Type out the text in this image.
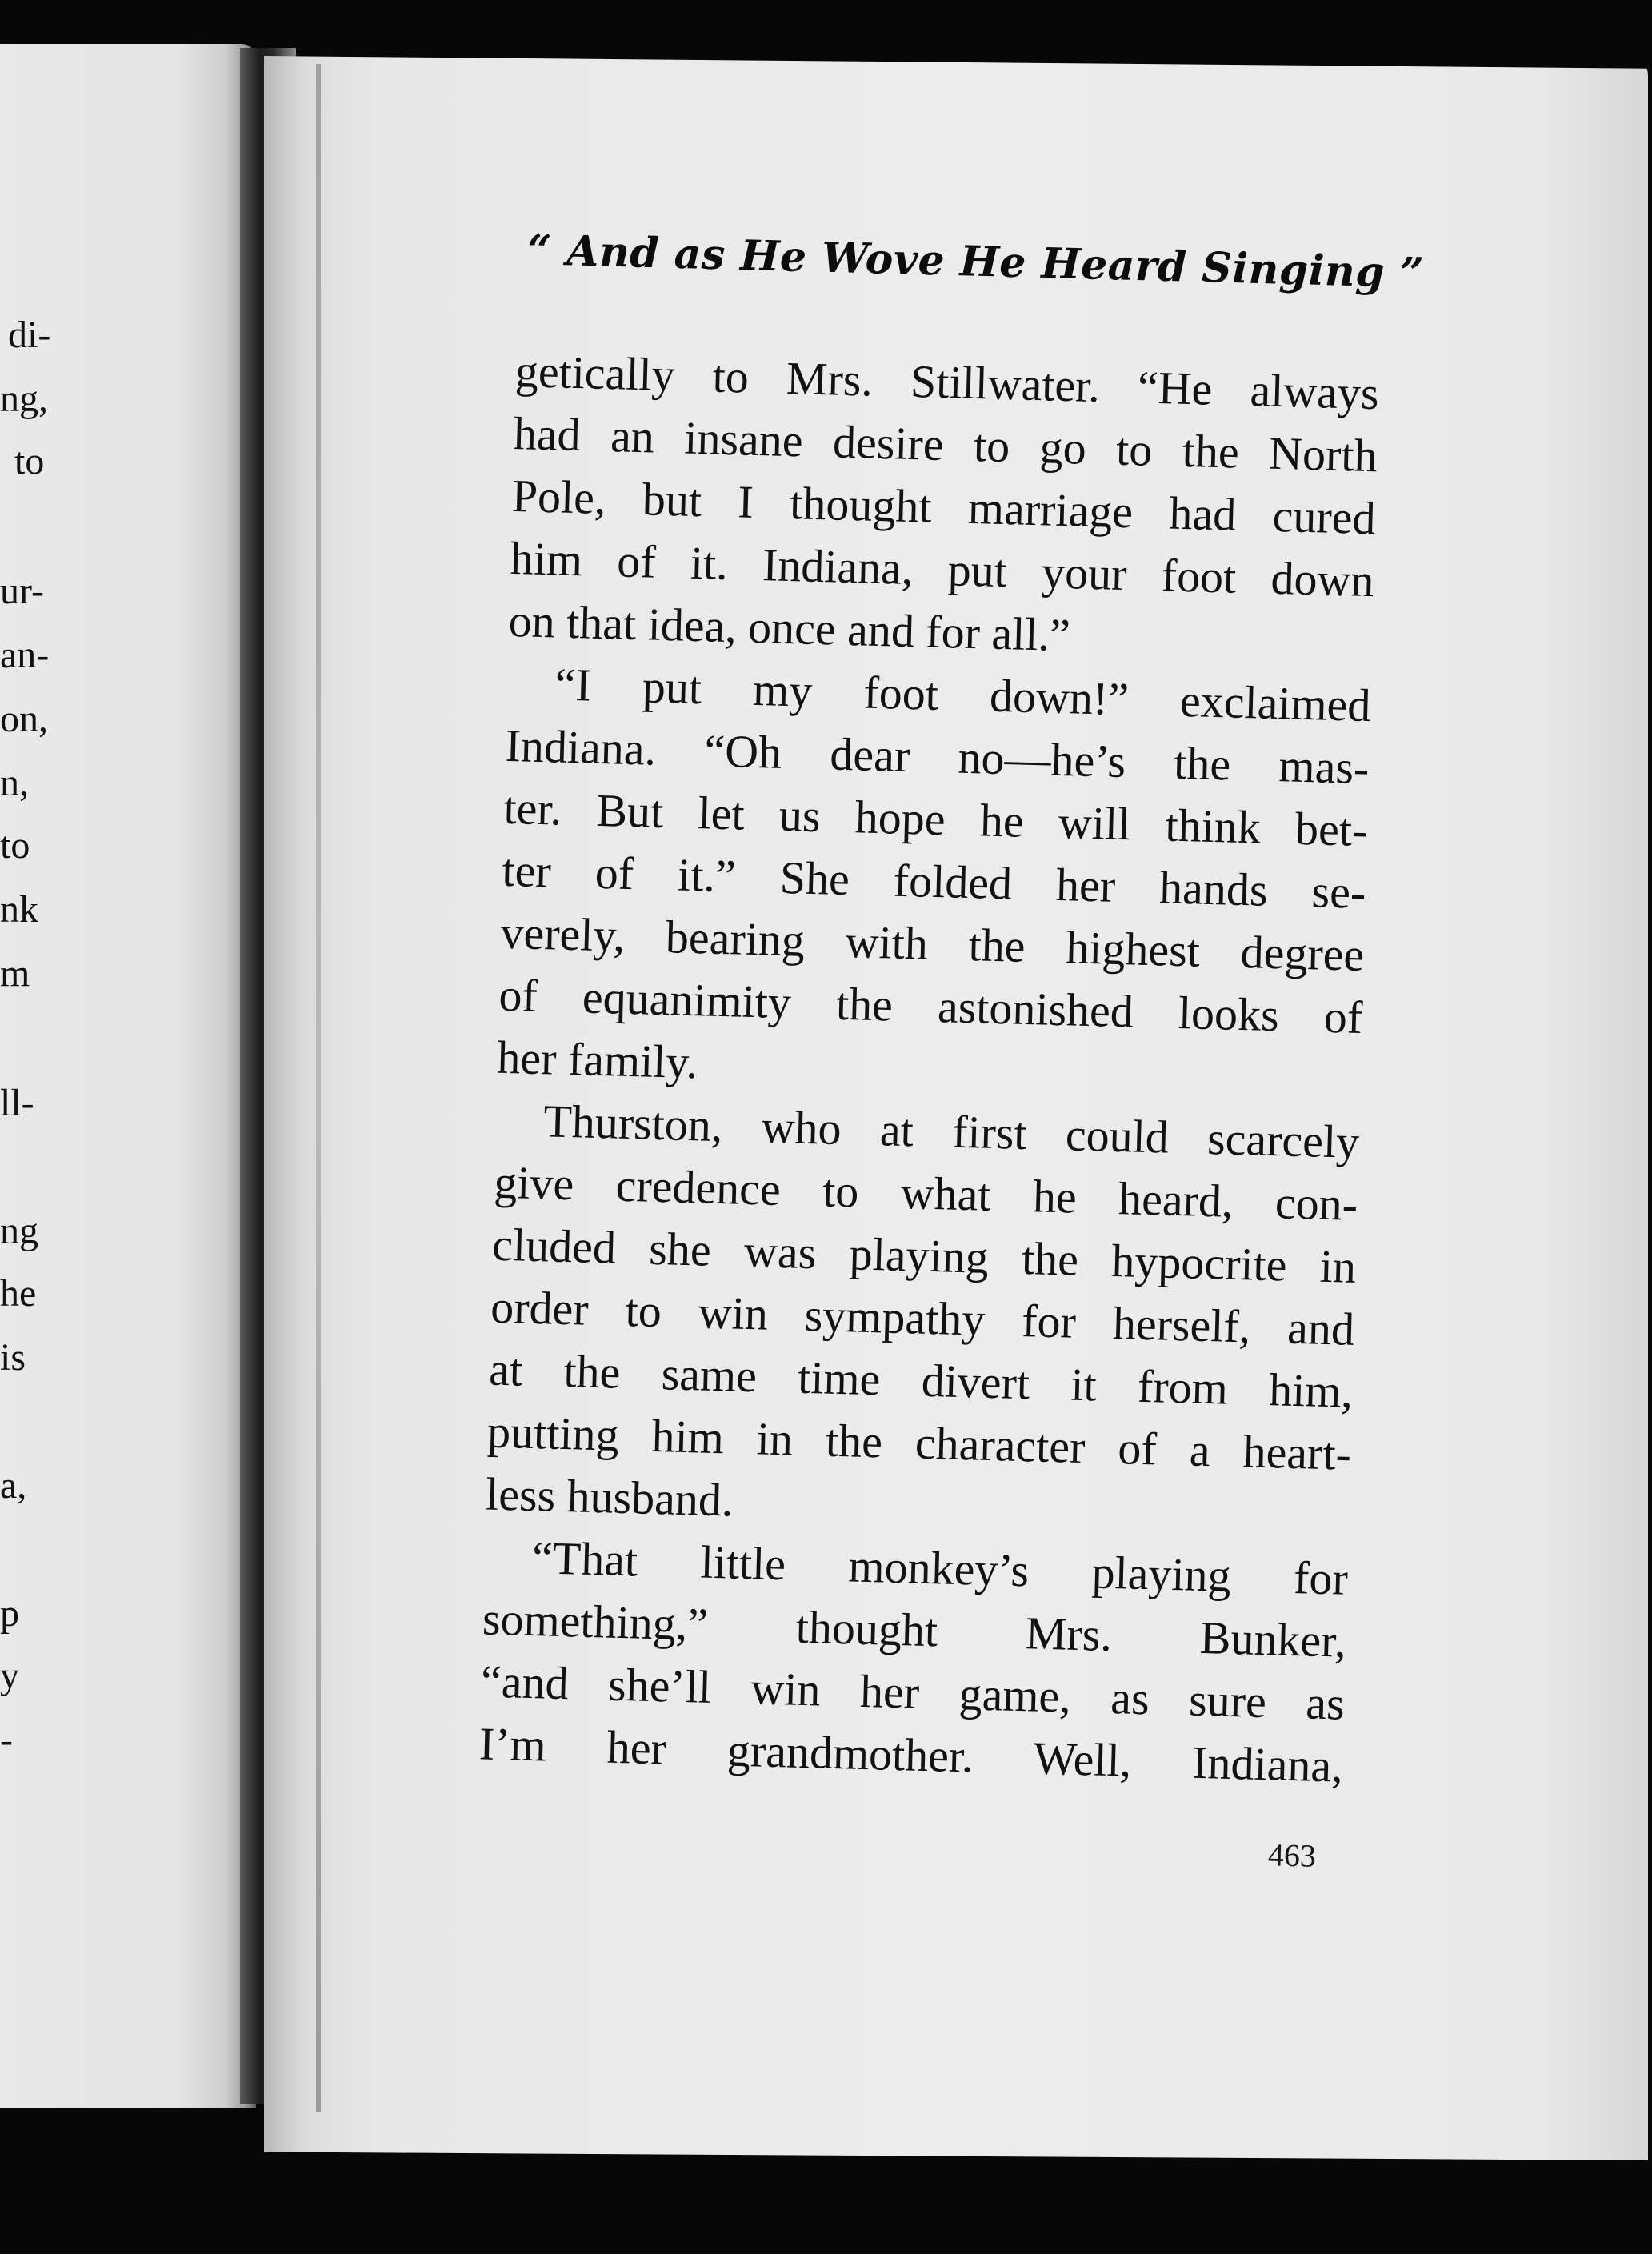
di-
ng,
to
ur-
an-
on,
n,
to
nk
m
ll-
ng
he
is
a,
p
y
-
“ And as He Wove He Heard Singing ”
getically to Mrs. Stillwater. “He always
had an insane desire to go to the North
Pole, but I thought marriage had cured
him of it. Indiana, put your foot down
on that idea, once and for all.”
“I put my foot down!” exclaimed
Indiana. “Oh dear no—he’s the mas-
ter. But let us hope he will think bet-
ter of it.” She folded her hands se-
verely, bearing with the highest degree
of equanimity the astonished looks of
her family.
Thurston, who at first could scarcely
give credence to what he heard, con-
cluded she was playing the hypocrite in
order to win sympathy for herself, and
at the same time divert it from him,
putting him in the character of a heart-
less husband.
“That little monkey’s playing for
something,” thought Mrs. Bunker,
“and she’ll win her game, as sure as
I’m her grandmother. Well, Indiana,
463
